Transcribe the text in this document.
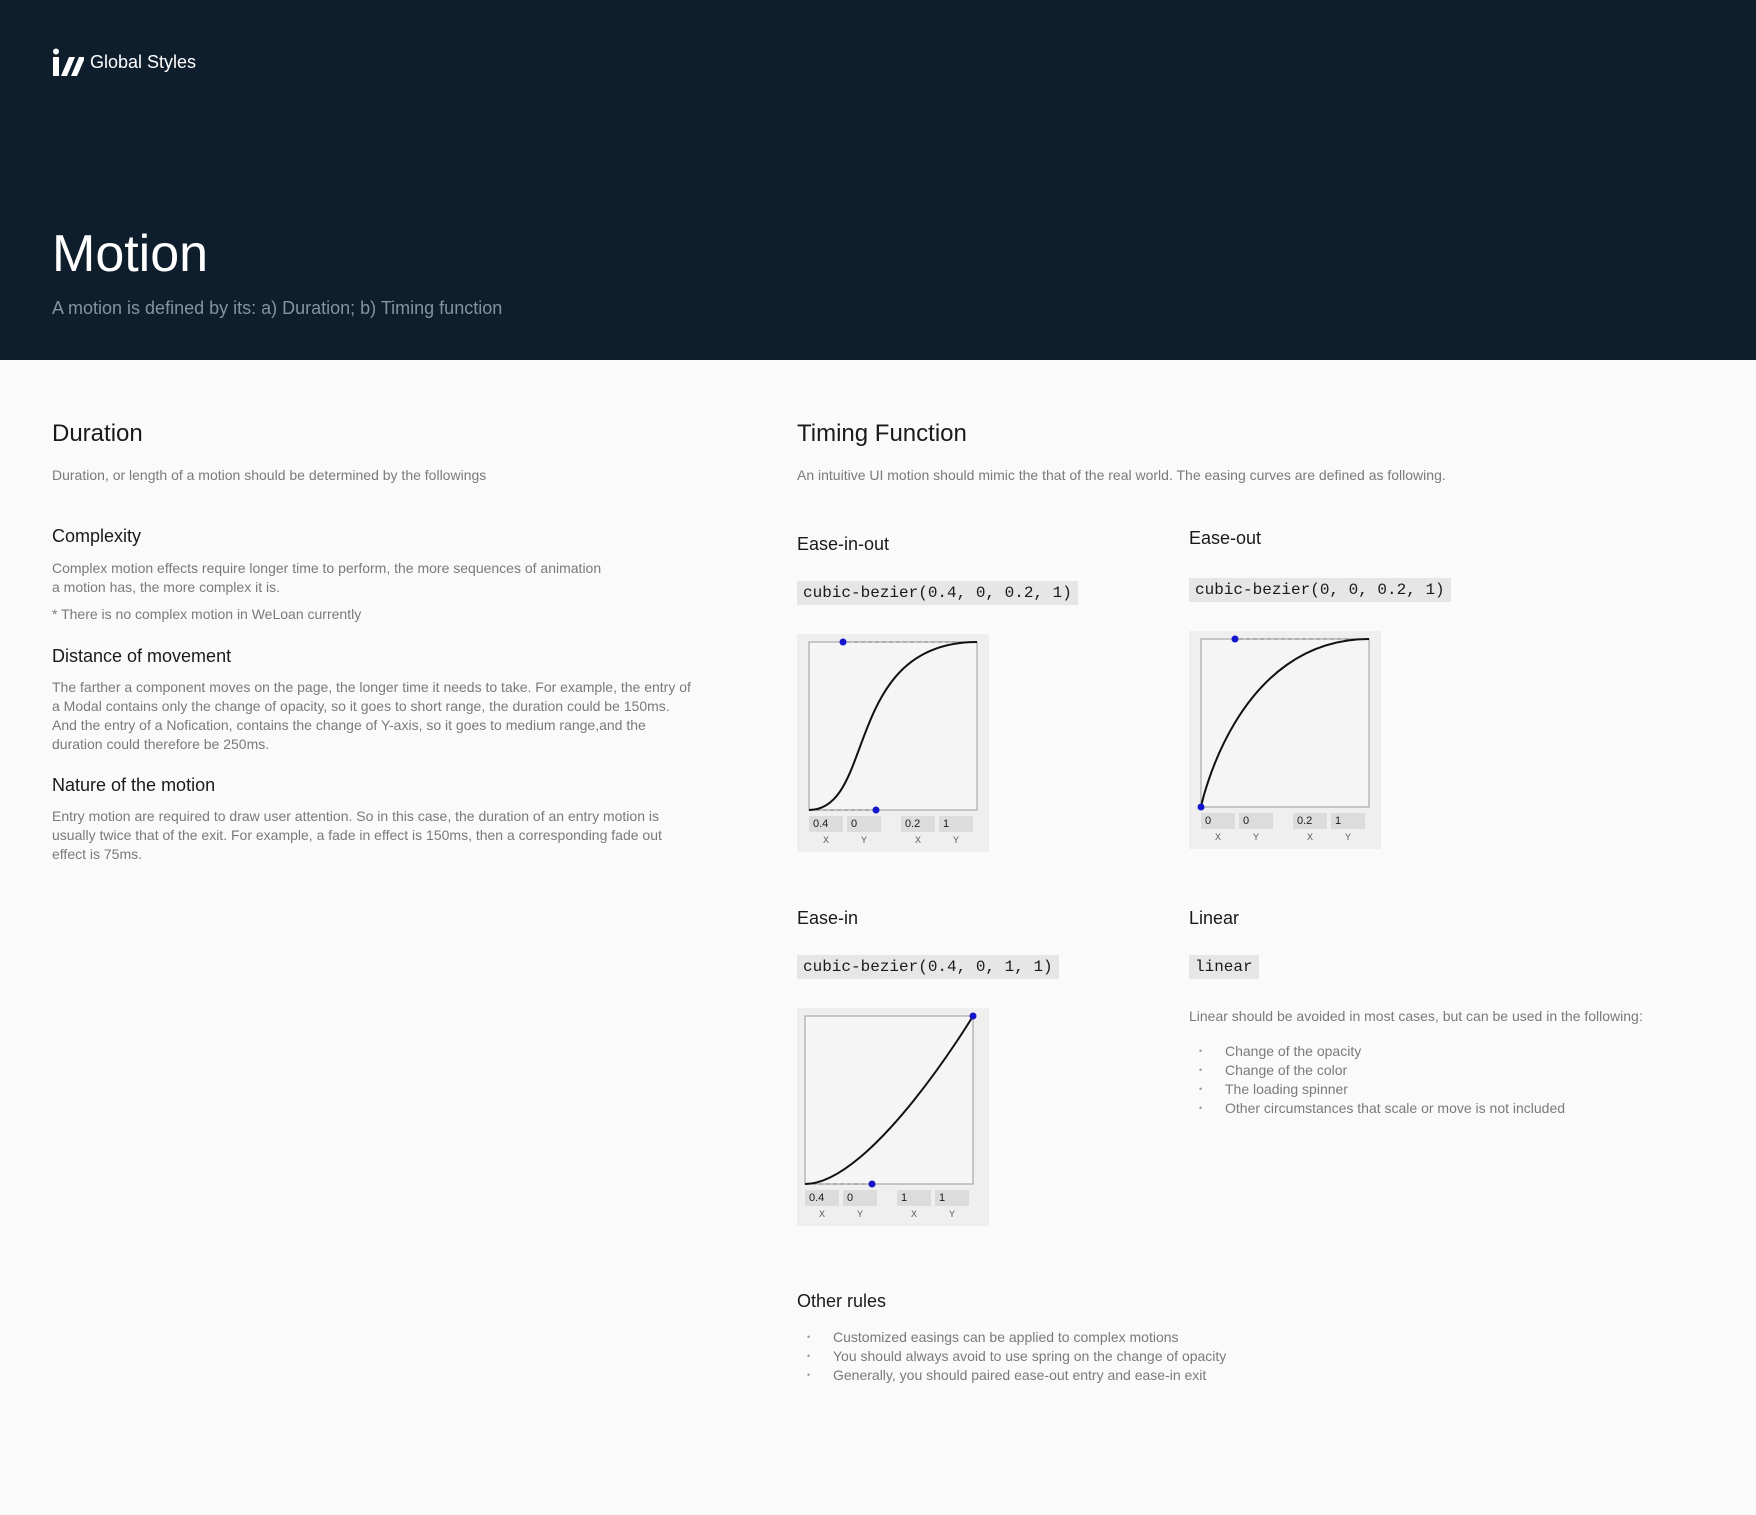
Global Styles
Motion

A motion is defined by its: a) Duration; b) Timing function

Duration

Duration, or length of a motion should be determined by the followings

Complexity

Complex motion effects require longer time to perform, the more sequences of animation

a motion has, the more complex it is.

* There is no complex motion in WeLoan currently

Distance of movement

The farther a component moves on the page, the longer time it needs to take. For example, the entry of

a Modal contains only the change of opacity, so it goes to short range, the duration could be 150ms.

And the entry of a Nofication, contains the change of Y-axis, so it goes to medium range,and the

duration could therefore be 250ms.

Nature of the motion

Entry motion are required to draw user attention. So in this case, the duration of an entry motion is

usually twice that of the exit. For example, a fade in effect is 150ms, then a corresponding fade out

effect is 75ms.

Timing Function

An intuitive UI motion should mimic the that of the real world. The easing curves are defined as following.

Ease-in-out
cubic-bezier(0.4, 0, 0.2, 1)
0.4	0	0.2	1
X	Y	X	Y
Ease-out
cubic-bezier(0, 0, 0.2, 1)
0	0	0.2	1
X	Y	X	Y
Ease-in
cubic-bezier(0.4, 0, 1, 1)
0.4	0	1	1
X	Y	X	Y
Linear
linear

Linear should be avoided in most cases, but can be used in the following:

• Change of the opacity
• Change of the color
• The loading spinner
• Other circumstances that scale or move is not included
Other rules
• Customized easings can be applied to complex motions
• You should always avoid to use spring on the change of opacity
• Generally, you should paired ease-out entry and ease-in exit
